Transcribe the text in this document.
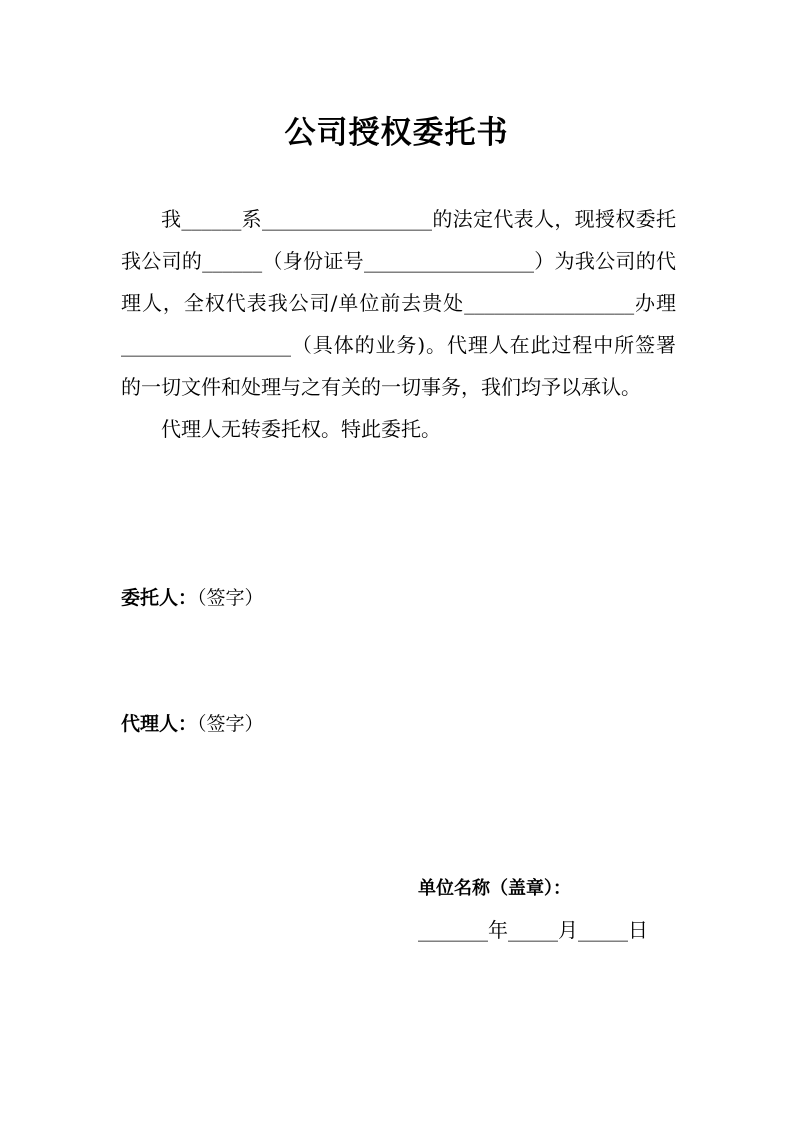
公司授权委托书

我______系_________________的法定代表人，现授权委托我公司的______（身份证号_________________）为我公司的代理人，全权代表我公司/单位前去贵处_________________办理_________________（具体的业务)。代理人在此过程中所签署的一切文件和处理与之有关的一切事务，我们均予以承认。

代理人无转委托权。特此委托。

委托人：（签字）
代理人：（签字）
单位名称（盖章）：
_______年_____月_____日
